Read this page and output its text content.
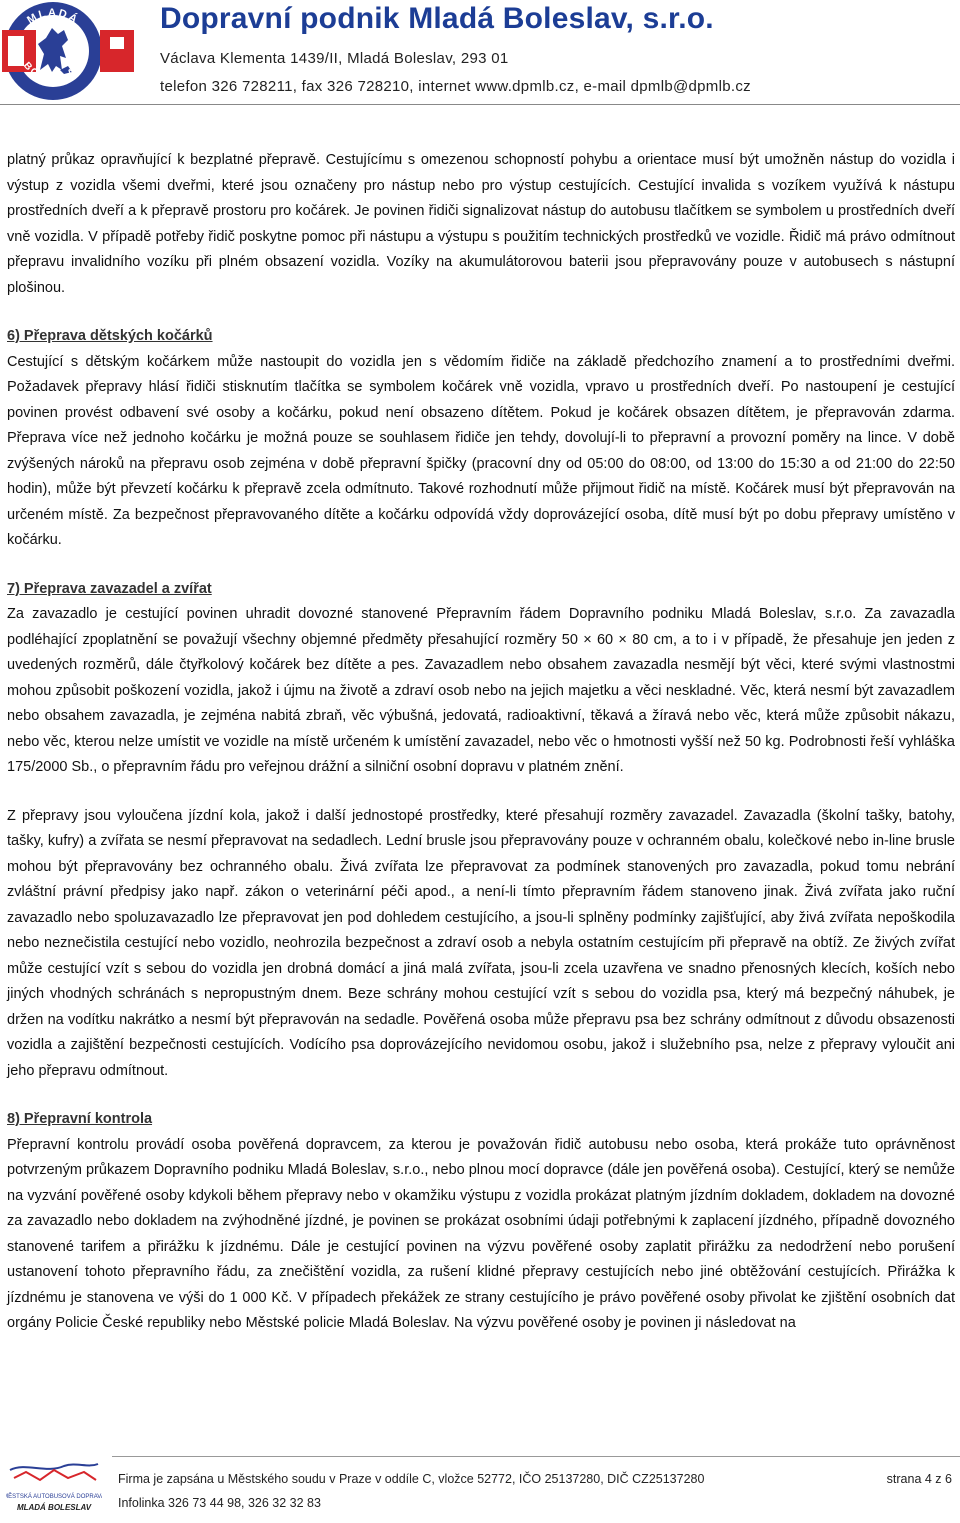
MLADÁ
BOLESLAV
Dopravní podnik Mladá Boleslav, s.r.o.
Václava Klementa 1439/II, Mladá Boleslav, 293 01
telefon 326 728211, fax 326 728210, internet www.dpmlb.cz, e-mail dpmlb@dpmlb.cz

platný průkaz opravňující k bezplatné přepravě. Cestujícímu s omezenou schopností pohybu a orientace musí být umožněn nástup do vozidla i výstup z vozidla všemi dveřmi, které jsou označeny pro nástup nebo pro výstup cestujících. Cestující invalida s vozíkem využívá k nástupu prostředních dveří a k přepravě prostoru pro kočárek. Je povinen řidiči signalizovat nástup do autobusu tlačítkem se symbolem u prostředních dveří vně vozidla. V případě potřeby řidič poskytne pomoc při nástupu a výstupu s použitím technických prostředků ve vozidle. Řidič má právo odmítnout přepravu invalidního vozíku při plném obsazení vozidla. Vozíky na akumulátorovou baterii jsou přepravovány pouze v autobusech s nástupní plošinou.

6) Přeprava dětských kočárků

Cestující s dětským kočárkem může nastoupit do vozidla jen s vědomím řidiče na základě předchozího znamení a to prostředními dveřmi. Požadavek přepravy hlásí řidiči stisknutím tlačítka se symbolem kočárek vně vozidla, vpravo u prostředních dveří. Po nastoupení je cestující povinen provést odbavení své osoby a kočárku, pokud není obsazeno dítětem. Pokud je kočárek obsazen dítětem, je přepravován zdarma. Přeprava více než jednoho kočárku je možná pouze se souhlasem řidiče jen tehdy, dovolují-li to přepravní a provozní poměry na lince. V době zvýšených nároků na přepravu osob zejména v době přepravní špičky (pracovní dny od 05:00 do 08:00, od 13:00 do 15:30 a od 21:00 do 22:50 hodin), může být převzetí kočárku k přepravě zcela odmítnuto. Takové rozhodnutí může přijmout řidič na místě. Kočárek musí být přepravován na určeném místě. Za bezpečnost přepravovaného dítěte a kočárku odpovídá vždy doprovázející osoba, dítě musí být po dobu přepravy umístěno v kočárku.

7) Přeprava zavazadel a zvířat

Za zavazadlo je cestující povinen uhradit dovozné stanovené Přepravním řádem Dopravního podniku Mladá Boleslav, s.r.o. Za zavazadla podléhající zpoplatnění se považují všechny objemné předměty přesahující rozměry 50 × 60 × 80 cm, a to i v případě, že přesahuje jen jeden z uvedených rozměrů, dále čtyřkolový kočárek bez dítěte a pes. Zavazadlem nebo obsahem zavazadla nesmějí být věci, které svými vlastnostmi mohou způsobit poškození vozidla, jakož i újmu na životě a zdraví osob nebo na jejich majetku a věci neskladné. Věc, která nesmí být zavazadlem nebo obsahem zavazadla, je zejména nabitá zbraň, věc výbušná, jedovatá, radioaktivní, těkavá a žíravá nebo věc, která může způsobit nákazu, nebo věc, kterou nelze umístit ve vozidle na místě určeném k umístění zavazadel, nebo věc o hmotnosti vyšší než 50 kg. Podrobnosti řeší vyhláška 175/2000 Sb., o přepravním řádu pro veřejnou drážní a silniční osobní dopravu v platném znění.

Z přepravy jsou vyloučena jízdní kola, jakož i další jednostopé prostředky, které přesahují rozměry zavazadel. Zavazadla (školní tašky, batohy, tašky, kufry) a zvířata se nesmí přepravovat na sedadlech. Lední brusle jsou přepravovány pouze v ochranném obalu, kolečkové nebo in-line brusle mohou být přepravovány bez ochranného obalu. Živá zvířata lze přepravovat za podmínek stanovených pro zavazadla, pokud tomu nebrání zvláštní právní předpisy jako např. zákon o veterinární péči apod., a není-li tímto přepravním řádem stanoveno jinak. Živá zvířata jako ruční zavazadlo nebo spoluzavazadlo lze přepravovat jen pod dohledem cestujícího, a jsou-li splněny podmínky zajišťující, aby živá zvířata nepoškodila nebo neznečistila cestující nebo vozidlo, neohrozila bezpečnost a zdraví osob a nebyla ostatním cestujícím při přepravě na obtíž. Ze živých zvířat může cestující vzít s sebou do vozidla jen drobná domácí a jiná malá zvířata, jsou-li zcela uzavřena ve snadno přenosných klecích, koších nebo jiných vhodných schránách s nepropustným dnem. Beze schrány mohou cestující vzít s sebou do vozidla psa, který má bezpečný náhubek, je držen na vodítku nakrátko a nesmí být přepravován na sedadle. Pověřená osoba může přepravu psa bez schrány odmítnout z důvodu obsazenosti vozidla a zajištění bezpečnosti cestujících. Vodícího psa doprovázejícího nevidomou osobu, jakož i služebního psa, nelze z přepravy vyloučit ani jeho přepravu odmítnout.

8) Přepravní kontrola

Přepravní kontrolu provádí osoba pověřená dopravcem, za kterou je považován řidič autobusu nebo osoba, která prokáže tuto oprávněnost potvrzeným průkazem Dopravního podniku Mladá Boleslav, s.r.o., nebo plnou mocí dopravce (dále jen pověřená osoba). Cestující, který se nemůže na vyzvání pověřené osoby kdykoli během přepravy nebo v okamžiku výstupu z vozidla prokázat platným jízdním dokladem, dokladem na dovozné za zavazadlo nebo dokladem na zvýhodněné jízdné, je povinen se prokázat osobními údaji potřebnými k zaplacení jízdného, případně dovozného stanovené tarifem a přirážku k jízdnému. Dále je cestující povinen na výzvu pověřené osoby zaplatit přirážku za nedodržení nebo porušení ustanovení tohoto přepravního řádu, za znečištění vozidla, za rušení klidné přepravy cestujících nebo jiné obtěžování cestujících. Přirážka k jízdnému je stanovena ve výši do 1 000 Kč. V případech překážek ze strany cestujícího je právo pověřené osoby přivolat ke zjištění osobních dat orgány Policie České republiky nebo Městské policie Mladá Boleslav. Na výzvu pověřené osoby je povinen ji následovat na

MĚSTSKÁ AUTOBUSOVÁ DOPRAVA
MLADÁ BOLESLAV
Firma je zapsána u Městského soudu v Praze v oddíle C, vložce 52772, IČO 25137280, DIČ CZ25137280	strana 4 z 6
Infolinka 326 73 44 98, 326 32 32 83
